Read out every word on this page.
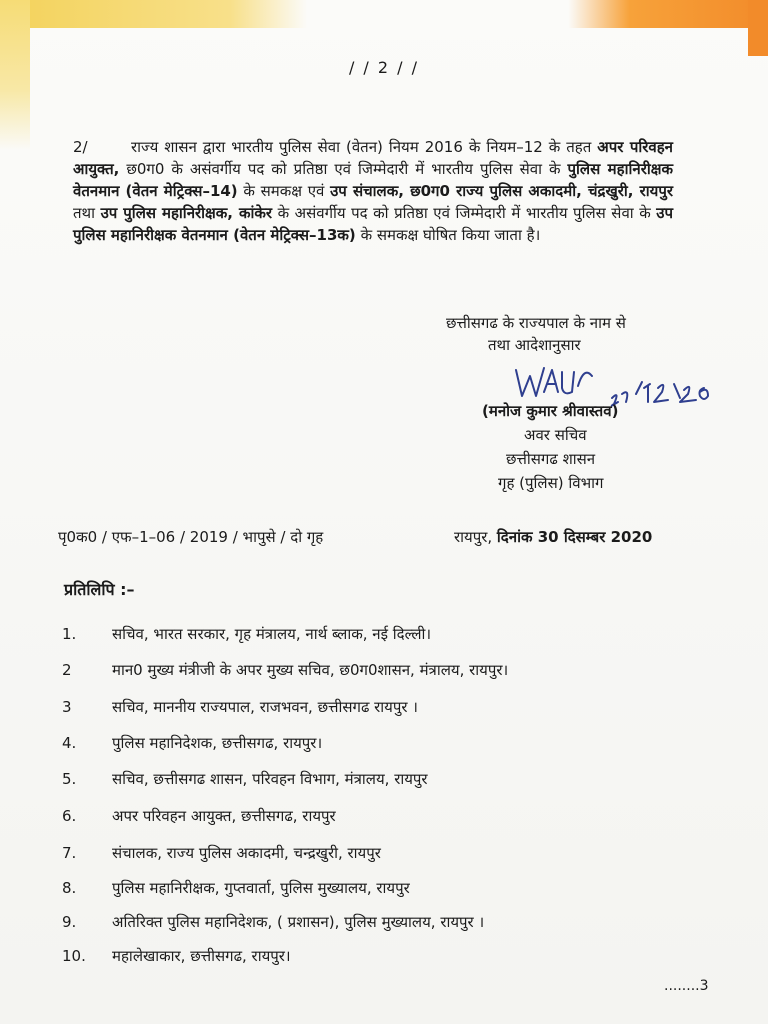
/ / 2 / /

2/	राज्य शासन द्वारा भारतीय पुलिस सेवा (वेतन) नियम 2016 के नियम–12 के तहत अपर परिवहन आयुक्त, छ0ग0 के असंवर्गीय पद को प्रतिष्ठा एवं जिम्मेदारी में भारतीय पुलिस सेवा के पुलिस महानिरीक्षक वेतनमान (वेतन मेट्रिक्स–14) के समकक्ष एवं उप संचालक, छ0ग0 राज्य पुलिस अकादमी, चंद्रखुरी, रायपुर तथा उप पुलिस महानिरीक्षक, कांकेर के असंवर्गीय पद को प्रतिष्ठा एवं जिम्मेदारी में भारतीय पुलिस सेवा के उप पुलिस महानिरीक्षक वेतनमान (वेतन मेट्रिक्स–13क) के समकक्ष घोषित किया जाता है।

छत्तीसगढ के राज्यपाल के नाम से
तथा आदेशानुसार
(मनोज कुमार श्रीवास्तव)
अवर सचिव
छत्तीसगढ शासन
गृह (पुलिस) विभाग
पृ0क0 / एफ–1–06 / 2019 / भापुसे / दो गृह	रायपुर, दिनांक 30 दिसम्बर 2020
प्रतिलिपि :–
1. सचिव, भारत सरकार, गृह मंत्रालय, नार्थ ब्लाक, नई दिल्ली।
2	मान0 मुख्य मंत्रीजी के अपर मुख्य सचिव, छ0ग0शासन, मंत्रालय, रायपुर।
3	सचिव, माननीय राज्यपाल, राजभवन, छत्तीसगढ रायपुर ।
4. पुलिस महानिदेशक, छत्तीसगढ, रायपुर।
5. सचिव, छत्तीसगढ शासन, परिवहन विभाग, मंत्रालय, रायपुर
6. अपर परिवहन आयुक्त, छत्तीसगढ, रायपुर
7. संचालक, राज्य पुलिस अकादमी, चन्द्रखुरी, रायपुर
8. पुलिस महानिरीक्षक, गुप्तवार्ता, पुलिस मुख्यालय, रायपुर
9. अतिरिक्त पुलिस महानिदेशक, ( प्रशासन), पुलिस मुख्यालय, रायपुर ।
10. महालेखाकार, छत्तीसगढ, रायपुर।
........3
